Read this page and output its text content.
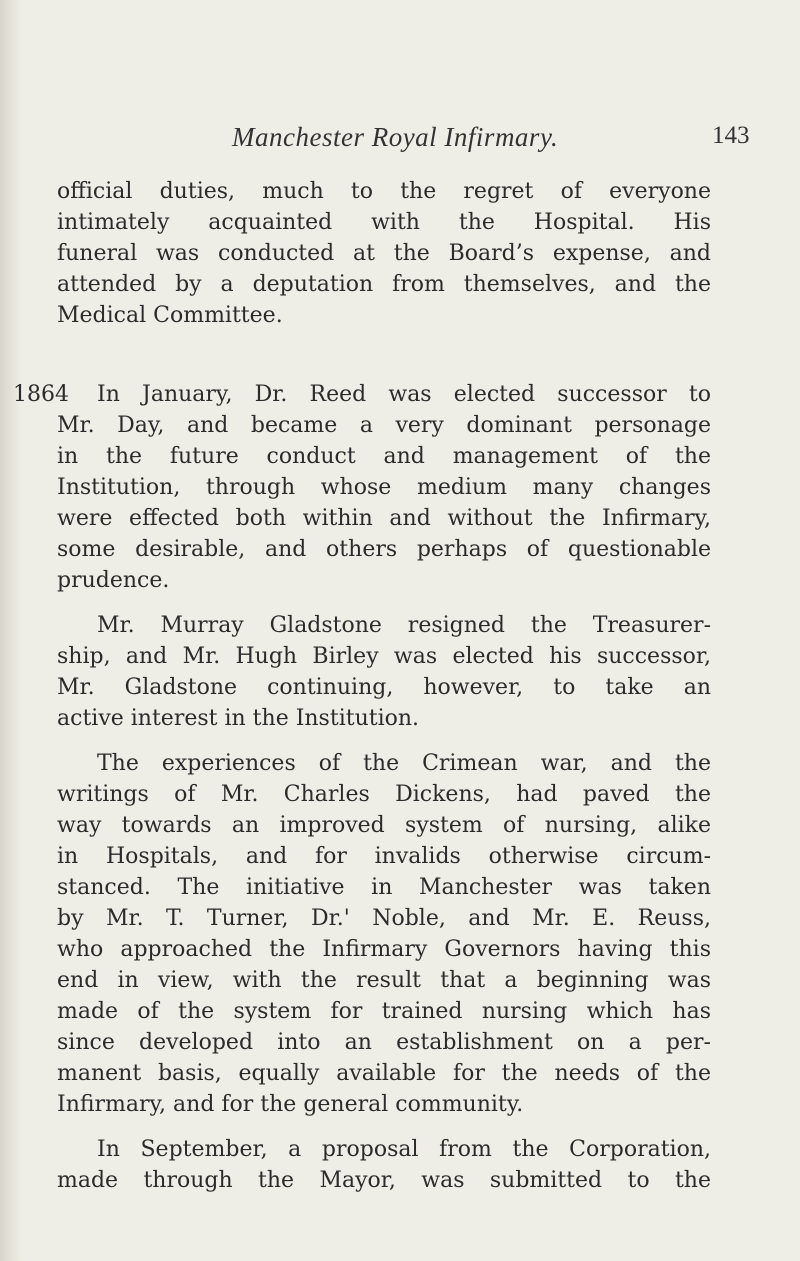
Manchester Royal Infirmary.	143
1864
official duties, much to the regret of everyone
intimately acquainted with the Hospital. His
funeral was conducted at the Board’s expense, and
attended by a deputation from themselves, and the
Medical Committee.
In January, Dr. Reed was elected successor to
Mr. Day, and became a very dominant personage
in the future conduct and management of the
Institution, through whose medium many changes
were effected both within and without the Infirmary,
some desirable, and others perhaps of questionable
prudence.
Mr. Murray Gladstone resigned the Treasurer-
ship, and Mr. Hugh Birley was elected his successor,
Mr. Gladstone continuing, however, to take an
active interest in the Institution.
The experiences of the Crimean war, and the
writings of Mr. Charles Dickens, had paved the
way towards an improved system of nursing, alike
in Hospitals, and for invalids otherwise circum-
stanced. The initiative in Manchester was taken
by Mr. T. Turner, Dr.' Noble, and Mr. E. Reuss,
who approached the Infirmary Governors having this
end in view, with the result that a beginning was
made of the system for trained nursing which has
since developed into an establishment on a per-
manent basis, equally available for the needs of the
Infirmary, and for the general community.
In September, a proposal from the Corporation,
made through the Mayor, was submitted to the
